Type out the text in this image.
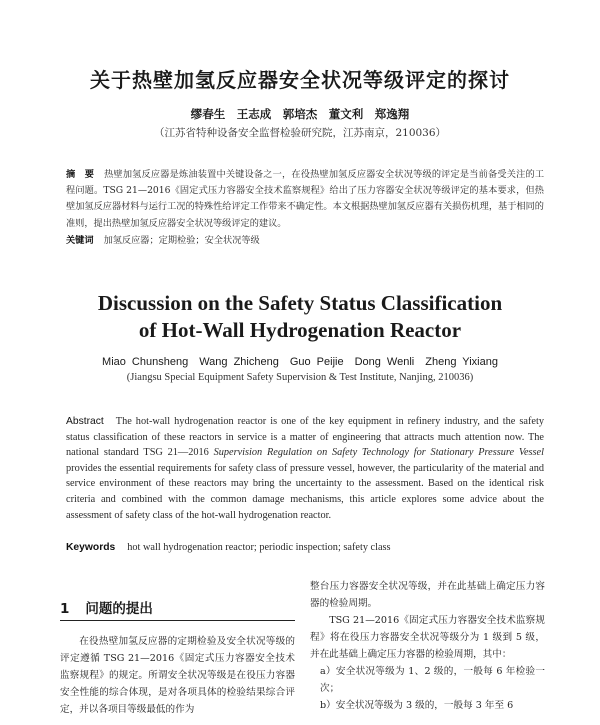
关于热壁加氢反应器安全状况等级评定的探讨
缪春生　王志成　郭培杰　董文利　郑逸翔
（江苏省特种设备安全监督检验研究院，江苏南京，210036）
摘　要 热壁加氢反应器是炼油装置中关键设备之一，在役热壁加氢反应器安全状况等级的评定是当前备受关注的工程问题。TSG 21—2016《固定式压力容器安全技术监察规程》给出了压力容器安全状况等级评定的基本要求，但热壁加氢反应器材料与运行工况的特殊性给评定工作带来不确定性。本文根据热壁加氢反应器有关损伤机理，基于相同的准则，提出热壁加氢反应器安全状况等级评定的建议。
关键词 加氢反应器；定期检验；安全状况等级
Discussion on the Safety Status Classification
of Hot-Wall Hydrogenation Reactor
Miao Chunsheng　Wang Zhicheng　Guo Peijie　Dong Wenli　Zheng Yixiang
(Jiangsu Special Equipment Safety Supervision & Test Institute, Nanjing, 210036)
Abstract The hot-wall hydrogenation reactor is one of the key equipment in refinery industry, and the safety status classification of these reactors in service is a matter of engineering that attracts much attention now. The national standard TSG 21—2016 Supervision Regulation on Safety Technology for Stationary Pressure Vessel provides the essential requirements for safety class of pressure vessel, however, the particularity of the material and service environment of these reactors may bring the uncertainty to the assessment. Based on the identical risk criteria and combined with the common damage mechanisms, this article explores some advice about the assessment of safety class of the hot-wall hydrogenation reactor.
Keywords hot wall hydrogenation reactor; periodic inspection; safety class
1 问题的提出

在役热壁加氢反应器的定期检验及安全状况等级的评定遵循 TSG 21—2016《固定式压力容器安全技术监察规程》的规定。所谓安全状况等级是在役压力容器安全性能的综合体现，是对各项具体的检验结果综合评定，并以各项目等级最低的作为

整台压力容器安全状况等级，并在此基础上确定压力容器的检验周期。

TSG 21—2016《固定式压力容器安全技术监察规程》将在役压力容器安全状况等级分为 1 级到 5 级，并在此基础上确定压力容器的检验周期，其中：

a）安全状况等级为 1、2 级的，一般每 6 年检验一次；

b）安全状况等级为 3 级的，一般每 3 年至 6
